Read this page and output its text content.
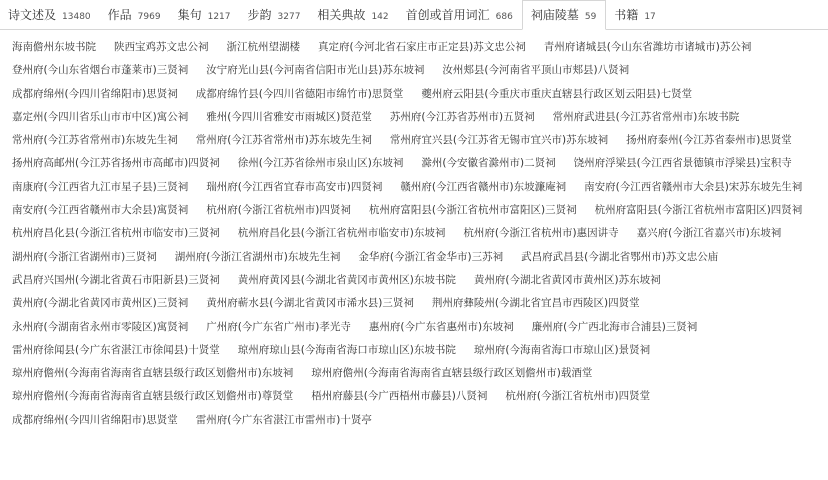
诗文述及 13480	作品 7969	集句 1217	步韵 3277	相关典故 142	首创或首用词汇 686	祠庙陵墓 59	书籍 17
海南儋州东坡书院 陕西宝鸡苏文忠公祠 浙江杭州望湖楼 真定府(今河北省石家庄市正定县)苏文忠公祠 青州府诸城县(今山东省潍坊市诸城市)苏公祠
登州府(今山东省烟台市蓬莱市)三贤祠 汝宁府光山县(今河南省信阳市光山县)苏东坡祠 汝州郏县(今河南省平顶山市郏县)八贤祠
成都府绵州(今四川省绵阳市)思贤祠 成都府绵竹县(今四川省德阳市绵竹市)思贤堂 夔州府云阳县(今重庆市重庆直辖县行政区划云阳县)七贤堂
嘉定州(今四川省乐山市市中区)寓公祠 雅州(今四川省雅安市雨城区)贤范堂 苏州府(今江苏省苏州市)五贤祠 常州府武进县(今江苏省常州市)东坡书院
常州府(今江苏省常州市)东坡先生祠 常州府(今江苏省常州市)苏东坡先生祠 常州府宜兴县(今江苏省无锡市宜兴市)苏东坡祠 扬州府泰州(今江苏省泰州市)思贤堂
扬州府高邮州(今江苏省扬州市高邮市)四贤祠 徐州(今江苏省徐州市泉山区)东坡祠 滁州(今安徽省滁州市)二贤祠 饶州府浮梁县(今江西省景德镇市浮梁县)宝积寺
南康府(今江西省九江市星子县)三贤祠 瑞州府(今江西省宜春市高安市)四贤祠 赣州府(今江西省赣州市)东坡濂庵祠 南安府(今江西省赣州市大余县)宋苏东坡先生祠
南安府(今江西省赣州市大余县)寓贤祠 杭州府(今浙江省杭州市)四贤祠 杭州府富阳县(今浙江省杭州市富阳区)三贤祠 杭州府富阳县(今浙江省杭州市富阳区)四贤祠
杭州府昌化县(今浙江省杭州市临安市)三贤祠 杭州府昌化县(今浙江省杭州市临安市)东坡祠 杭州府(今浙江省杭州市)惠因讲寺 嘉兴府(今浙江省嘉兴市)东坡祠
湖州府(今浙江省湖州市)三贤祠 湖州府(今浙江省湖州市)东坡先生祠 金华府(今浙江省金华市)三苏祠 武昌府武昌县(今湖北省鄂州市)苏文忠公庙
武昌府兴国州(今湖北省黄石市阳新县)三贤祠 黄州府黄冈县(今湖北省黄冈市黄州区)东坡书院 黄州府(今湖北省黄冈市黄州区)苏东坡祠
黄州府(今湖北省黄冈市黄州区)三贤祠 黄州府蕲水县(今湖北省黄冈市浠水县)三贤祠 荆州府彝陵州(今湖北省宜昌市西陵区)四贤堂
永州府(今湖南省永州市零陵区)寓贤祠 广州府(今广东省广州市)孝光寺 惠州府(今广东省惠州市)东坡祠 廉州府(今广西北海市合浦县)三贤祠
雷州府徐闻县(今广东省湛江市徐闻县)十贤堂 琼州府琼山县(今海南省海口市琼山区)东坡书院 琼州府(今海南省海口市琼山区)景贤祠
琼州府儋州(今海南省海南省直辖县级行政区划儋州市)东坡祠 琼州府儋州(今海南省海南省直辖县级行政区划儋州市)载酒堂
琼州府儋州(今海南省海南省直辖县级行政区划儋州市)尊贤堂 梧州府藤县(今广西梧州市藤县)八贤祠 杭州府(今浙江省杭州市)四贤堂
成都府绵州(今四川省绵阳市)思贤堂 雷州府(今广东省湛江市雷州市)十贤亭
